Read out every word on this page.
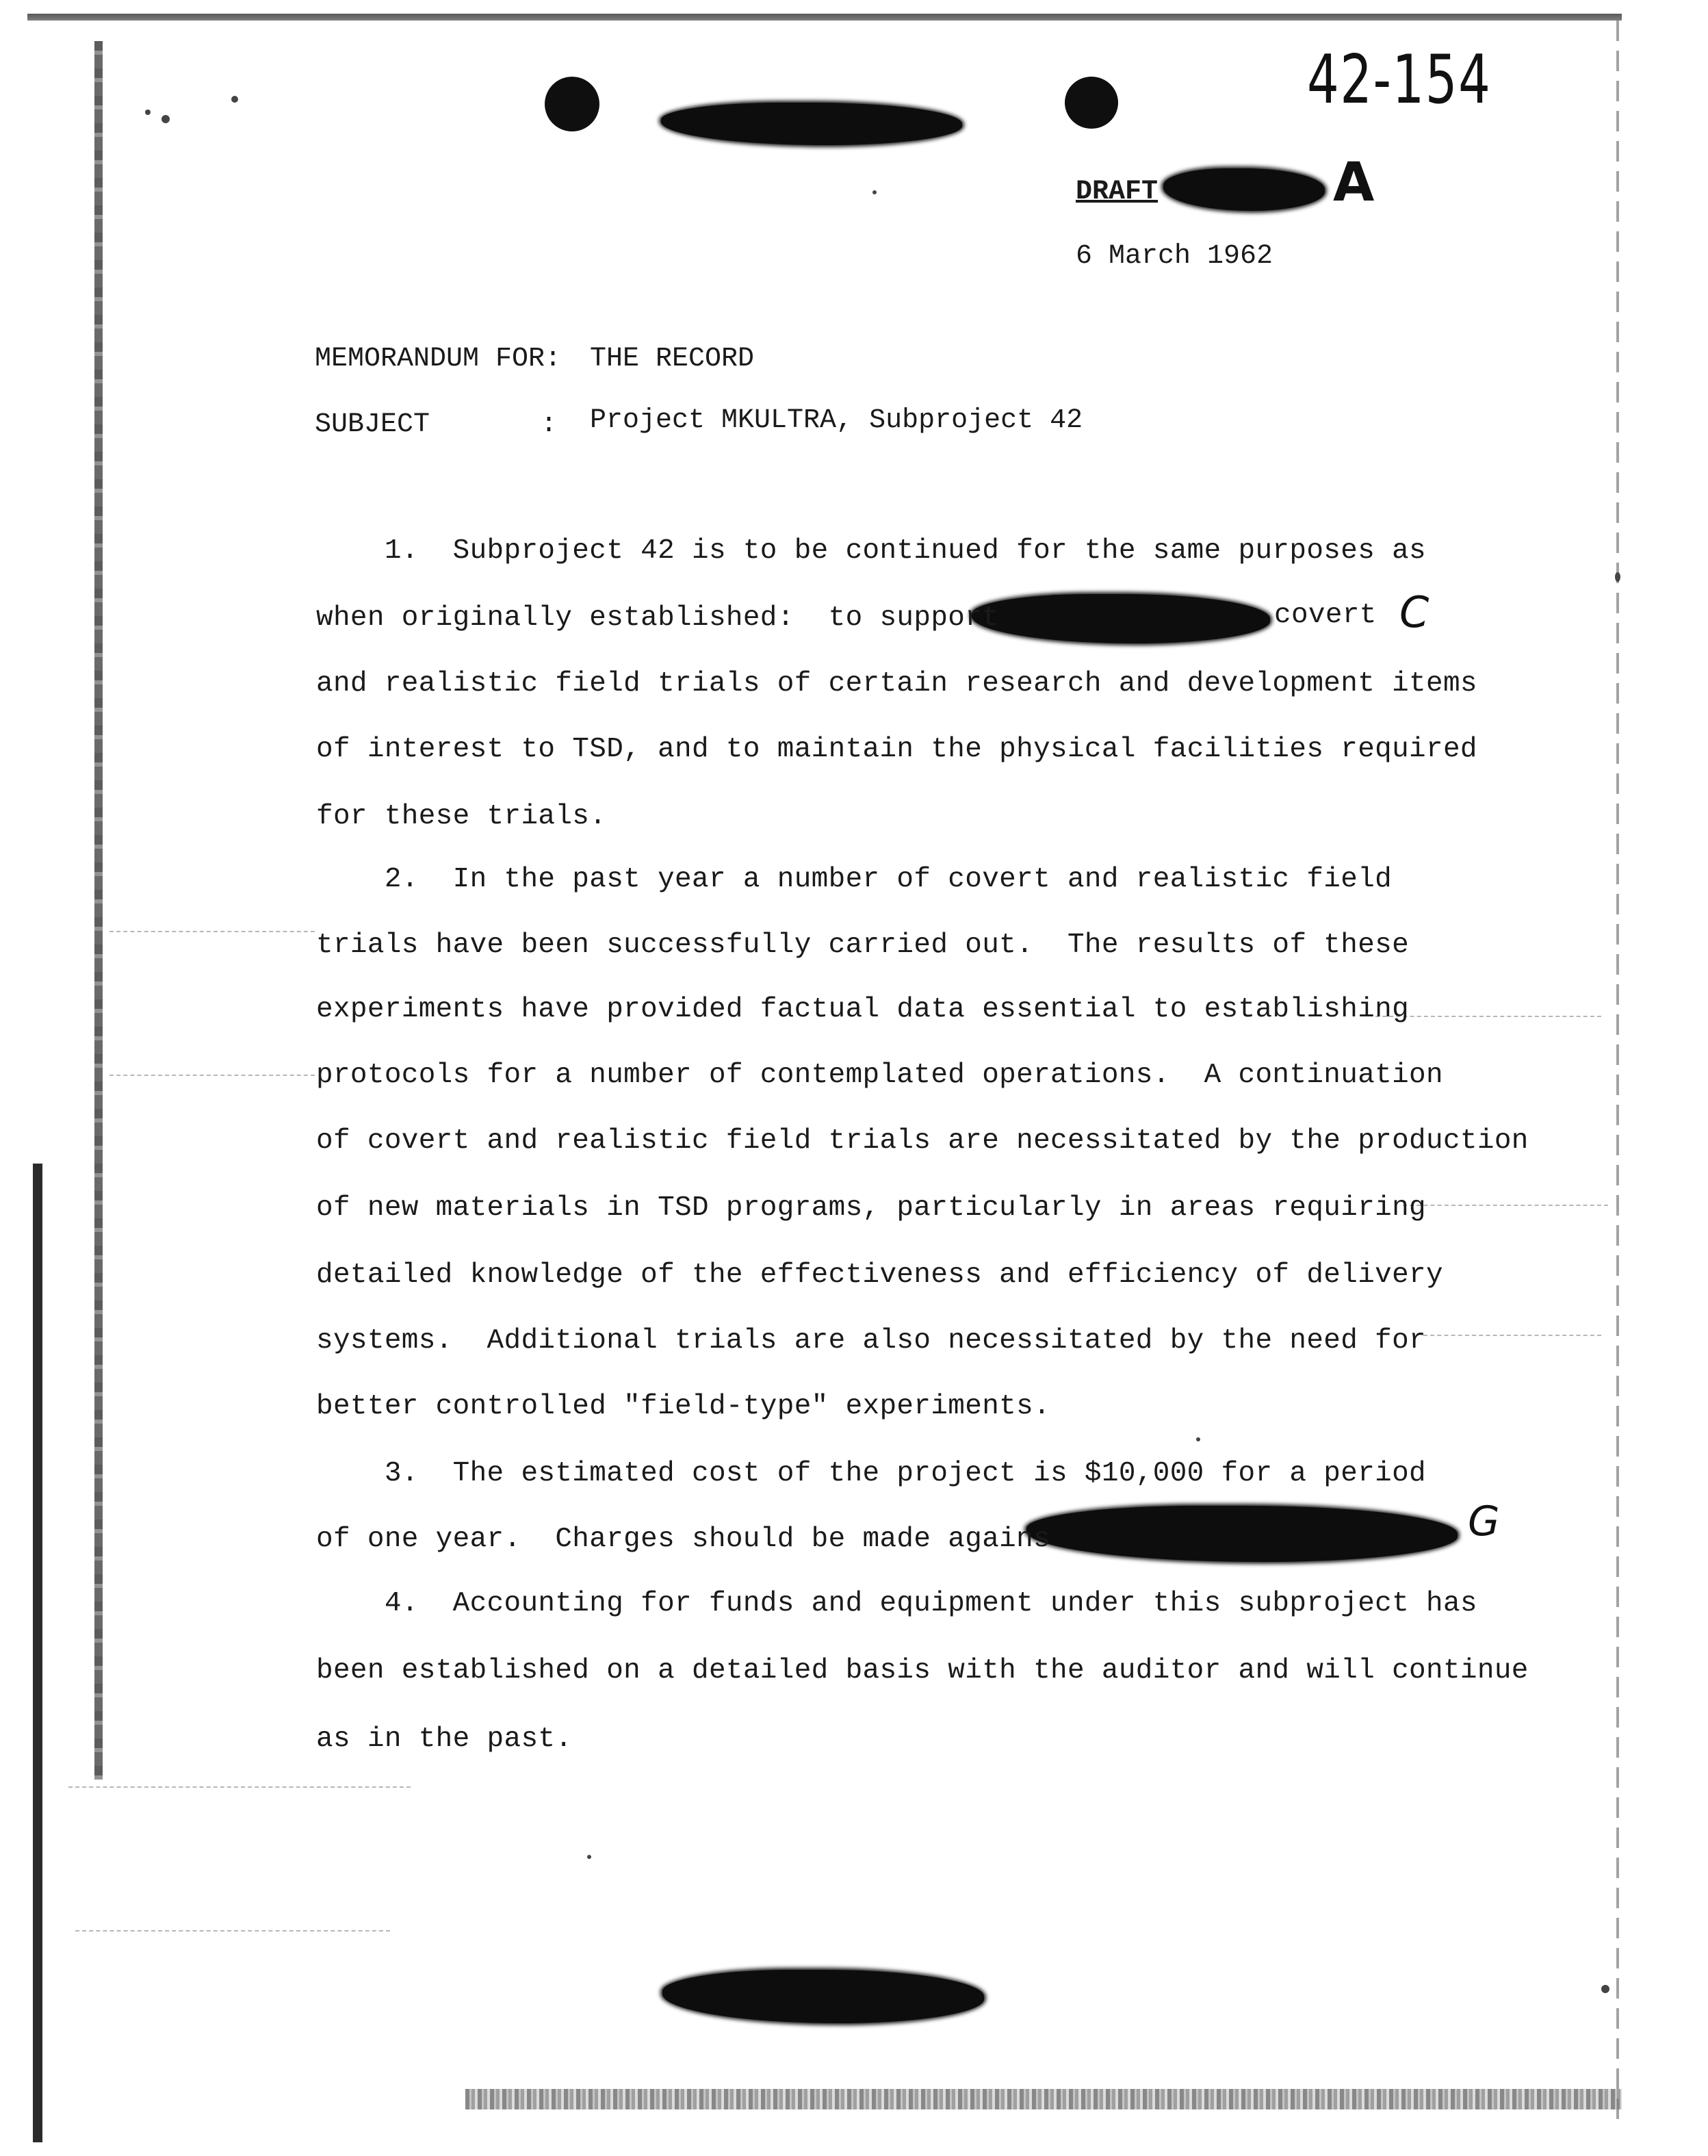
42-154
A
C
G
DRAFT
6 March 1962
MEMORANDUM FOR: THE RECORD
SUBJECT	: Project MKULTRA, Subproject 42
1.  Subproject 42 is to be continued for the same purposes as
when originally established:  to support	covert
and realistic field trials of certain research and development items
of interest to TSD, and to maintain the physical facilities required
for these trials.
2.  In the past year a number of covert and realistic field
trials have been successfully carried out.  The results of these
experiments have provided factual data essential to establishing
protocols for a number of contemplated operations.  A continuation
of covert and realistic field trials are necessitated by the production
of new materials in TSD programs, particularly in areas requiring
detailed knowledge of the effectiveness and efficiency of delivery
systems.  Additional trials are also necessitated by the need for
better controlled "field-type" experiments.
3.  The estimated cost of the project is $10,000 for a period
of one year.  Charges should be made agains
4.  Accounting for funds and equipment under this subproject has
been established on a detailed basis with the auditor and will continue
as in the past.
